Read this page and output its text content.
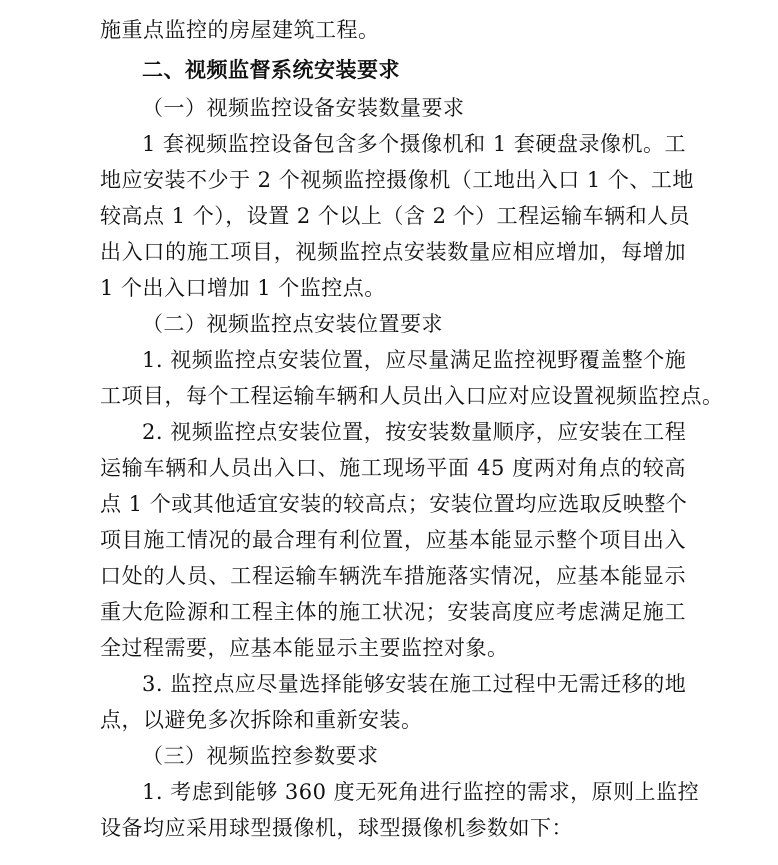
施重点监控的房屋建筑工程。
二、视频监督系统安装要求
（一）视频监控设备安装数量要求
1 套视频监控设备包含多个摄像机和 1 套硬盘录像机。工
地应安装不少于 2 个视频监控摄像机（工地出入口 1 个、工地
较高点 1 个），设置 2 个以上（含 2 个）工程运输车辆和人员
出入口的施工项目，视频监控点安装数量应相应增加，每增加
1 个出入口增加 1 个监控点。
（二）视频监控点安装位置要求
1. 视频监控点安装位置，应尽量满足监控视野覆盖整个施
工项目，每个工程运输车辆和人员出入口应对应设置视频监控点。
2. 视频监控点安装位置，按安装数量顺序，应安装在工程
运输车辆和人员出入口、施工现场平面 45 度两对角点的较高
点 1 个或其他适宜安装的较高点；安装位置均应选取反映整个
项目施工情况的最合理有利位置，应基本能显示整个项目出入
口处的人员、工程运输车辆洗车措施落实情况，应基本能显示
重大危险源和工程主体的施工状况；安装高度应考虑满足施工
全过程需要，应基本能显示主要监控对象。
3. 监控点应尽量选择能够安装在施工过程中无需迁移的地
点，以避免多次拆除和重新安装。
（三）视频监控参数要求
1. 考虑到能够 360 度无死角进行监控的需求，原则上监控
设备均应采用球型摄像机，球型摄像机参数如下：
